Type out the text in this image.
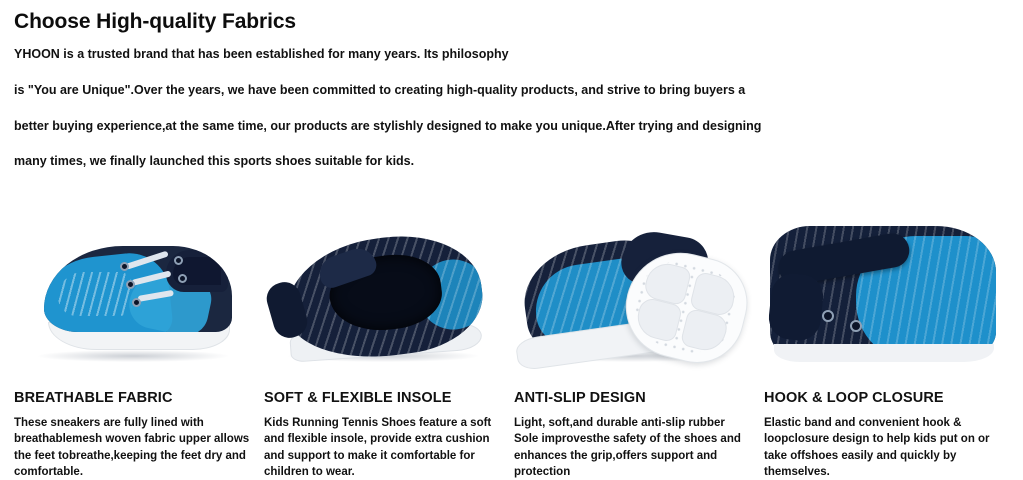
Choose High-quality Fabrics

YHOON is a trusted brand that has been established for many years. Its philosophy

is "You are Unique".Over the years, we have been committed to creating high-quality products, and strive to bring buyers a

better buying experience,at the same time, our products are stylishly designed to make you unique.After trying and designing

many times, we finally launched this sports shoes suitable for kids.

BREATHABLE FABRIC
These sneakers are fully lined with breathablemesh woven fabric upper allows the feet tobreathe,keeping the feet dry and comfortable.
SOFT & FLEXIBLE INSOLE
Kids Running Tennis Shoes feature a soft and flexible insole, provide extra cushion and support to make it comfortable for children to wear.
ANTI-SLIP DESIGN
Light, soft,and durable anti-slip rubber Sole improvesthe safety of the shoes and enhances the grip,offers support and protection
HOOK & LOOP CLOSURE
Elastic band and convenient hook & loopclosure design to help kids put on or take offshoes easily and quickly by themselves.
